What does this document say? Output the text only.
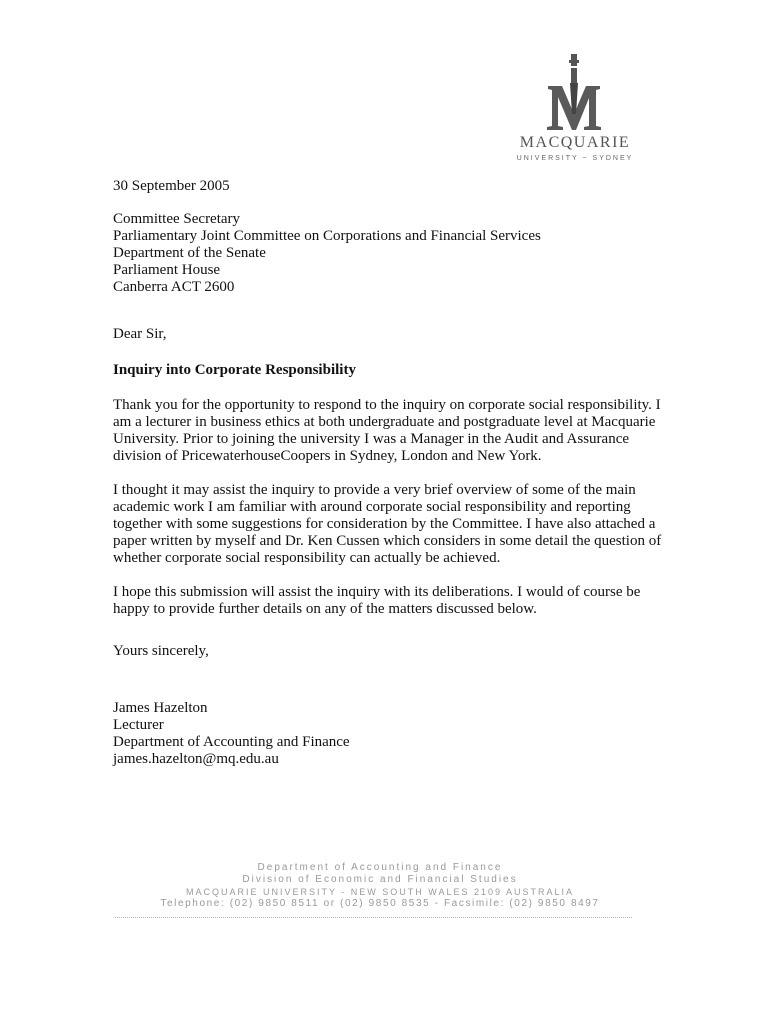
MACQUARIE
UNIVERSITY ~ SYDNEY

30 September 2005

Committee Secretary

Parliamentary Joint Committee on Corporations and Financial Services

Department of the Senate

Parliament House

Canberra ACT 2600

Dear Sir,

Inquiry into Corporate Responsibility

Thank you for the opportunity to respond to the inquiry on corporate social responsibility. I am a lecturer in business ethics at both undergraduate and postgraduate level at Macquarie University. Prior to joining the university I was a Manager in the Audit and Assurance division of PricewaterhouseCoopers in Sydney, London and New York.

I thought it may assist the inquiry to provide a very brief overview of some of the main academic work I am familiar with around corporate social responsibility and reporting together with some suggestions for consideration by the Committee. I have also attached a paper written by myself and Dr. Ken Cussen which considers in some detail the question of whether corporate social responsibility can actually be achieved.

I hope this submission will assist the inquiry with its deliberations. I would of course be happy to provide further details on any of the matters discussed below.

Yours sincerely,

James Hazelton

Lecturer

Department of Accounting and Finance

james.hazelton@mq.edu.au

Department of Accounting and Finance
Division of Economic and Financial Studies
MACQUARIE UNIVERSITY - NEW SOUTH WALES 2109 AUSTRALIA
Telephone: (02) 9850 8511 or (02) 9850 8535 - Facsimile: (02) 9850 8497
